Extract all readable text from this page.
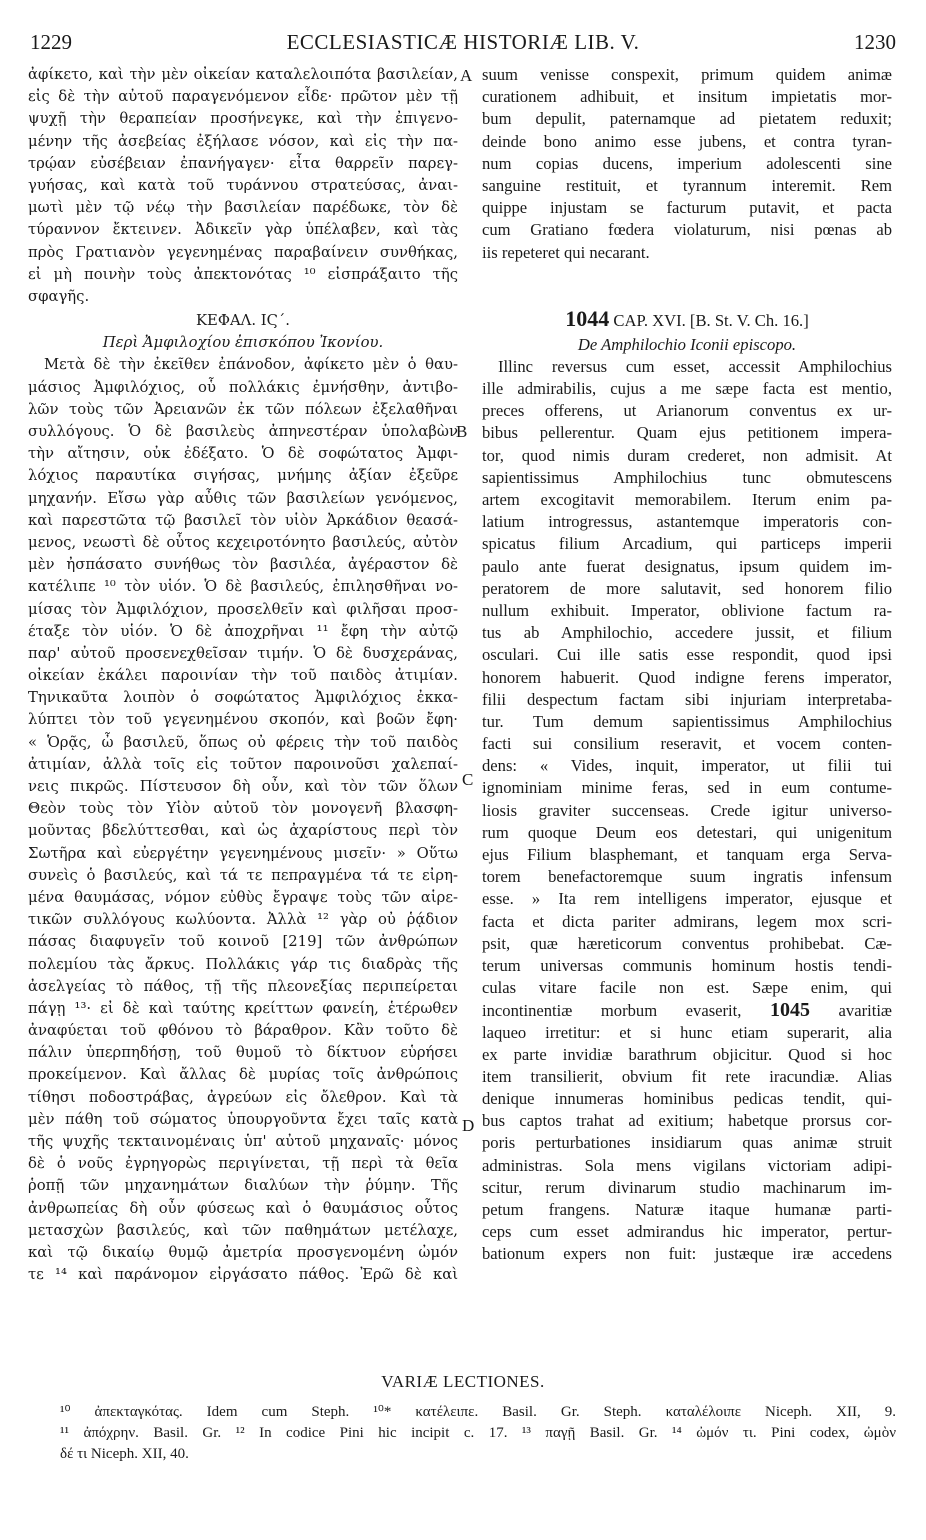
1229	ECCLESIASTICÆ HISTORIÆ LIB. V.	1230
A
B
C
D
ἀφίκετο, καὶ τὴν μὲν οἰκείαν καταλελοιπότα βασιλείαν,
εἰς δὲ τὴν αὐτοῦ παραγενόμενον εἶδε· πρῶτον μὲν τῇ
ψυχῇ τὴν θεραπείαν προσήνεγκε, καὶ τὴν ἐπιγενο-
μένην τῆς ἀσεβείας ἐξήλασε νόσον, καὶ εἰς τὴν πα-
τρῴαν εὐσέβειαν ἐπανήγαγεν· εἶτα θαρρεῖν παρεγ-
γυήσας, καὶ κατὰ τοῦ τυράννου στρατεύσας, ἀναι-
μωτὶ μὲν τῷ νέῳ τὴν βασιλείαν παρέδωκε, τὸν δὲ
τύραννον ἔκτεινεν. Ἀδικεῖν γὰρ ὑπέλαβεν, καὶ τὰς
πρὸς Γρατιανὸν γεγενημένας παραβαίνειν συνθήκας,
εἰ μὴ ποινὴν τοὺς ἀπεκτονότας ¹⁰ εἰσπράξαιτο τῆς
σφαγῆς.
ΚΕΦΑΛ. ΙϚ΄.
Περὶ Ἀμφιλοχίου ἐπισκόπου Ἰκονίου.
Μετὰ δὲ τὴν ἐκεῖθεν ἐπάνοδον, ἀφίκετο μὲν ὁ θαυ-
μάσιος Ἀμφιλόχιος, οὗ πολλάκις ἐμνήσθην, ἀντιβο-
λῶν τοὺς τῶν Ἀρειανῶν ἐκ τῶν πόλεων ἐξελαθῆναι
συλλόγους. Ὁ δὲ βασιλεὺς ἀπηνεστέραν ὑπολαβὼν
τὴν αἴτησιν, οὐκ ἐδέξατο. Ὁ δὲ σοφώτατος Ἀμφι-
λόχιος παραυτίκα σιγήσας, μνήμης ἀξίαν ἐξεῦρε
μηχανήν. Εἴσω γὰρ αὖθις τῶν βασιλείων γενόμενος,
καὶ παρεστῶτα τῷ βασιλεῖ τὸν υἱὸν Ἀρκάδιον θεασά-
μενος, νεωστὶ δὲ οὗτος κεχειροτόνητο βασιλεύς, αὐτὸν
μὲν ἠσπάσατο συνήθως τὸν βασιλέα, ἀγέραστον δὲ
κατέλιπε ¹⁰ τὸν υἱόν. Ὁ δὲ βασιλεύς, ἐπιλησθῆναι νο-
μίσας τὸν Ἀμφιλόχιον, προσελθεῖν καὶ φιλῆσαι προσ-
έταξε τὸν υἱόν. Ὁ δὲ ἀποχρῆναι ¹¹ ἔφη τὴν αὐτῷ
παρ' αὐτοῦ προσενεχθεῖσαν τιμήν. Ὁ δὲ δυσχεράνας,
οἰκείαν ἐκάλει παροινίαν τὴν τοῦ παιδὸς ἀτιμίαν.
Τηνικαῦτα λοιπὸν ὁ σοφώτατος Ἀμφιλόχιος ἐκκα-
λύπτει τὸν τοῦ γεγενημένου σκοπόν, καὶ βοῶν ἔφη·
« Ὁρᾷς, ὦ βασιλεῦ, ὅπως οὐ φέρεις τὴν τοῦ παιδὸς
ἀτιμίαν, ἀλλὰ τοῖς εἰς τοῦτον παροινοῦσι χαλεπαί-
νεις πικρῶς. Πίστευσον δὴ οὖν, καὶ τὸν τῶν ὅλων
Θεὸν τοὺς τὸν Υἱὸν αὐτοῦ τὸν μονογενῆ βλασφη-
μοῦντας βδελύττεσθαι, καὶ ὡς ἀχαρίστους περὶ τὸν
Σωτῆρα καὶ εὐεργέτην γεγενημένους μισεῖν· » Οὕτω
συνεὶς ὁ βασιλεύς, καὶ τά τε πεπραγμένα τά τε εἰρη-
μένα θαυμάσας, νόμον εὐθὺς ἔγραψε τοὺς τῶν αἱρε-
τικῶν συλλόγους κωλύοντα. Ἀλλὰ ¹² γὰρ οὐ ῥᾴδιον
πάσας διαφυγεῖν τοῦ κοινοῦ [219] τῶν ἀνθρώπων
πολεμίου τὰς ἄρκυς. Πολλάκις γάρ τις διαδρὰς τῆς
ἀσελγείας τὸ πάθος, τῇ τῆς πλεονεξίας περιπείρεται
πάγῃ ¹³· εἰ δὲ καὶ ταύτης κρείττων φανείη, ἑτέρωθεν
ἀναφύεται τοῦ φθόνου τὸ βάραθρον. Κἂν τοῦτο δὲ
πάλιν ὑπερπηδήσῃ, τοῦ θυμοῦ τὸ δίκτυον εὑρήσει
προκείμενον. Καὶ ἄλλας δὲ μυρίας τοῖς ἀνθρώποις
τίθησι ποδοστράβας, ἀγρεύων εἰς ὄλεθρον. Καὶ τὰ
μὲν πάθη τοῦ σώματος ὑπουργοῦντα ἔχει ταῖς κατὰ
τῆς ψυχῆς τεκταινομέναις ὑπ' αὐτοῦ μηχαναῖς· μόνος
δὲ ὁ νοῦς ἐγρηγορὼς περιγίνεται, τῇ περὶ τὰ θεῖα
ῥοπῇ τῶν μηχανημάτων διαλύων τὴν ῥύμην. Τῆς
ἀνθρωπείας δὴ οὖν φύσεως καὶ ὁ θαυμάσιος οὗτος
μετασχὼν βασιλεύς, καὶ τῶν παθημάτων μετέλαχε,
καὶ τῷ δικαίῳ θυμῷ ἀμετρία προσγενομένη ὠμόν
τε ¹⁴ καὶ παράνομον εἰργάσατο πάθος. Ἐρῶ δὲ καὶ
suum venisse conspexit, primum quidem animæ
curationem adhibuit, et insitum impietatis mor-
bum depulit, paternamque ad pietatem reduxit;
deinde bono animo esse jubens, et contra tyran-
num copias ducens, imperium adolescenti sine
sanguine restituit, et tyrannum interemit. Rem
quippe injustam se facturum putavit, et pacta
cum Gratiano fœdera violaturum, nisi pœnas ab
iis repeteret qui necarant.
1044 CAP. XVI. [B. St. V. Ch. 16.]
De Amphilochio Iconii episcopo.
Illinc reversus cum esset, accessit Amphilochius
ille admirabilis, cujus a me sæpe facta est mentio,
preces offerens, ut Arianorum conventus ex ur-
bibus pellerentur. Quam ejus petitionem impera-
tor, quod nimis duram crederet, non admisit. At
sapientissimus Amphilochius tunc obmutescens
artem excogitavit memorabilem. Iterum enim pa-
latium introgressus, astantemque imperatoris con-
spicatus filium Arcadium, qui particeps imperii
paulo ante fuerat designatus, ipsum quidem im-
peratorem de more salutavit, sed honorem filio
nullum exhibuit. Imperator, oblivione factum ra-
tus ab Amphilochio, accedere jussit, et filium
osculari. Cui ille satis esse respondit, quod ipsi
honorem habuerit. Quod indigne ferens imperator,
filii despectum factam sibi injuriam interpretaba-
tur. Tum demum sapientissimus Amphilochius
facti sui consilium reseravit, et vocem conten-
dens: « Vides, inquit, imperator, ut filii tui
ignominiam minime feras, sed in eum contume-
liosis graviter succenseas. Crede igitur universo-
rum quoque Deum eos detestari, qui unigenitum
ejus Filium blasphemant, et tanquam erga Serva-
torem benefactoremque suum ingratis infensum
esse. » Ita rem intelligens imperator, ejusque et
facta et dicta pariter admirans, legem mox scri-
psit, quæ hæreticorum conventus prohibebat. Cæ-
terum universas communis hominum hostis tendi-
culas vitare facile non est. Sæpe enim, qui
incontinentiæ morbum evaserit, 1045 avaritiæ
laqueo irretitur: et si hunc etiam superarit, alia
ex parte invidiæ barathrum objicitur. Quod si hoc
item transilierit, obvium fit rete iracundiæ. Alias
denique innumeras hominibus pedicas tendit, qui-
bus captos trahat ad exitium; habetque prorsus cor-
poris perturbationes insidiarum quas animæ struit
administras. Sola mens vigilans victoriam adipi-
scitur, rerum divinarum studio machinarum im-
petum frangens. Naturæ itaque humanæ parti-
ceps cum esset admirandus hic imperator, pertur-
bationum expers non fuit: justæque iræ accedens
VARIÆ LECTIONES.
¹⁰ ἀπεκταγκότας. Idem cum Steph. ¹⁰* κατέλειπε. Basil. Gr. Steph. καταλέλοιπε Niceph. XII, 9.
¹¹ ἀπόχρην. Basil. Gr. ¹² In codice Pini hic incipit c. 17. ¹³ παγῇ Basil. Gr. ¹⁴ ὠμόν τι. Pini codex, ὠμὸν
δέ τι Niceph. XII, 40.
